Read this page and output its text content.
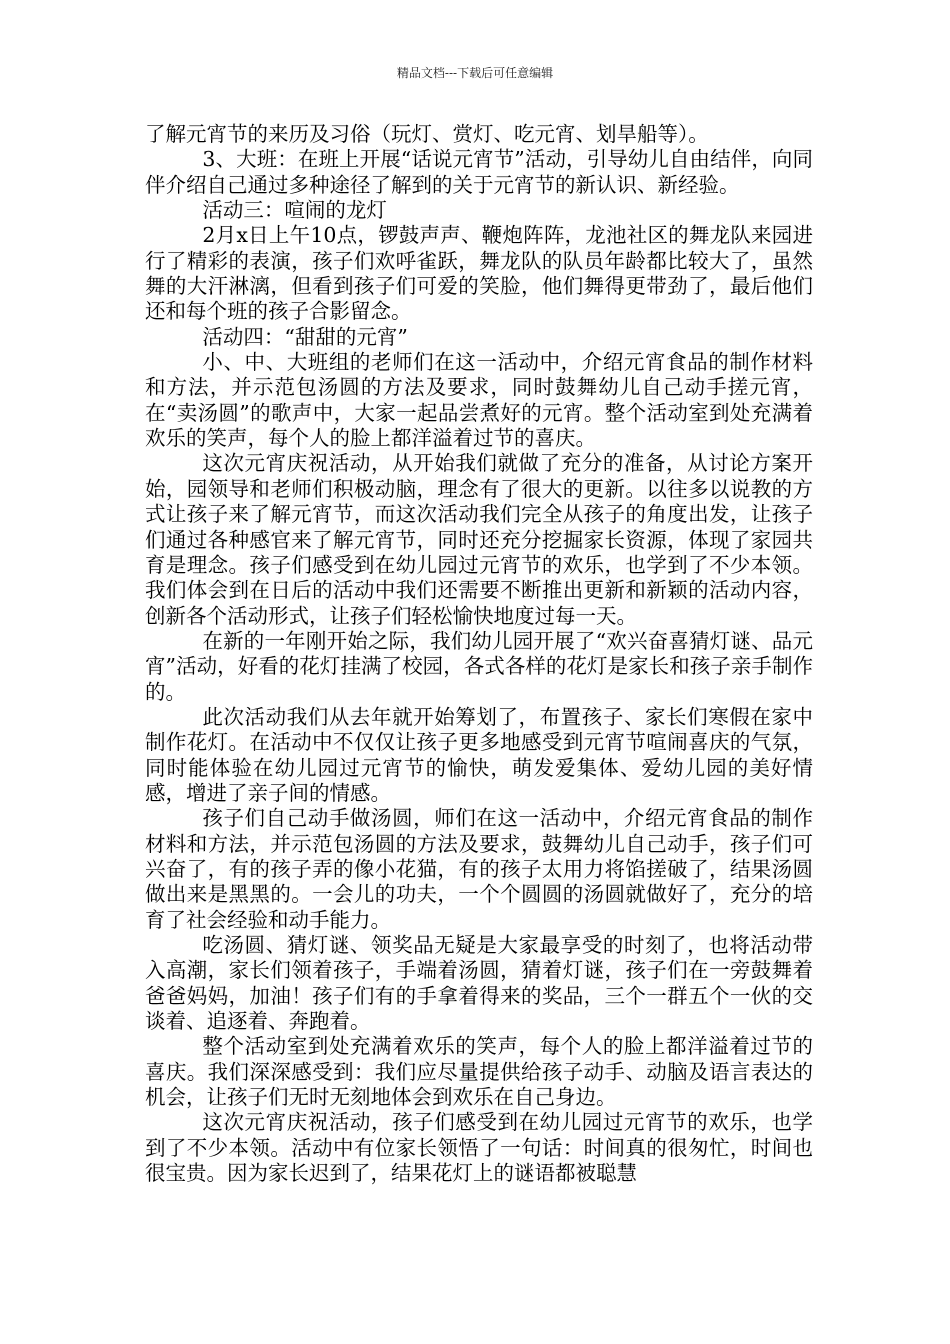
精品文档---下载后可任意编辑

了解元宵节的来历及习俗（玩灯、赏灯、吃元宵、划旱船等）。

3、大班：在班上开展“话说元宵节”活动，引导幼儿自由结伴，向同伴介绍自己通过多种途径了解到的关于元宵节的新认识、新经验。

活动三：喧闹的龙灯

2月x日上午10点，锣鼓声声、鞭炮阵阵，龙池社区的舞龙队来园进行了精彩的表演，孩子们欢呼雀跃，舞龙队的队员年龄都比较大了，虽然舞的大汗淋漓，但看到孩子们可爱的笑脸，他们舞得更带劲了，最后他们还和每个班的孩子合影留念。

活动四：“甜甜的元宵”

小、中、大班组的老师们在这一活动中，介绍元宵食品的制作材料和方法，并示范包汤圆的方法及要求，同时鼓舞幼儿自己动手搓元宵，在“卖汤圆”的歌声中，大家一起品尝煮好的元宵。整个活动室到处充满着欢乐的笑声，每个人的脸上都洋溢着过节的喜庆。

这次元宵庆祝活动，从开始我们就做了充分的准备，从讨论方案开始，园领导和老师们积极动脑，理念有了很大的更新。以往多以说教的方式让孩子来了解元宵节，而这次活动我们完全从孩子的角度出发，让孩子们通过各种感官来了解元宵节，同时还充分挖掘家长资源，体现了家园共育是理念。孩子们感受到在幼儿园过元宵节的欢乐，也学到了不少本领。我们体会到在日后的活动中我们还需要不断推出更新和新颖的活动内容，创新各个活动形式，让孩子们轻松愉快地度过每一天。

在新的一年刚开始之际，我们幼儿园开展了“欢兴奋喜猜灯谜、品元宵”活动，好看的花灯挂满了校园，各式各样的花灯是家长和孩子亲手制作的。

此次活动我们从去年就开始筹划了，布置孩子、家长们寒假在家中制作花灯。在活动中不仅仅让孩子更多地感受到元宵节喧闹喜庆的气氛，同时能体验在幼儿园过元宵节的愉快，萌发爱集体、爱幼儿园的美好情感，增进了亲子间的情感。

孩子们自己动手做汤圆，师们在这一活动中，介绍元宵食品的制作材料和方法，并示范包汤圆的方法及要求，鼓舞幼儿自己动手，孩子们可兴奋了，有的孩子弄的像小花猫，有的孩子太用力将馅搓破了，结果汤圆做出来是黑黑的。一会儿的功夫，一个个圆圆的汤圆就做好了，充分的培育了社会经验和动手能力。

吃汤圆、猜灯谜、领奖品无疑是大家最享受的时刻了，也将活动带入高潮，家长们领着孩子，手端着汤圆，猜着灯谜，孩子们在一旁鼓舞着爸爸妈妈，加油！孩子们有的手拿着得来的奖品，三个一群五个一伙的交谈着、追逐着、奔跑着。

整个活动室到处充满着欢乐的笑声，每个人的脸上都洋溢着过节的喜庆。我们深深感受到：我们应尽量提供给孩子动手、动脑及语言表达的机会，让孩子们无时无刻地体会到欢乐在自己身边。

这次元宵庆祝活动，孩子们感受到在幼儿园过元宵节的欢乐，也学到了不少本领。活动中有位家长领悟了一句话：时间真的很匆忙，时间也很宝贵。因为家长迟到了，结果花灯上的谜语都被聪慧
